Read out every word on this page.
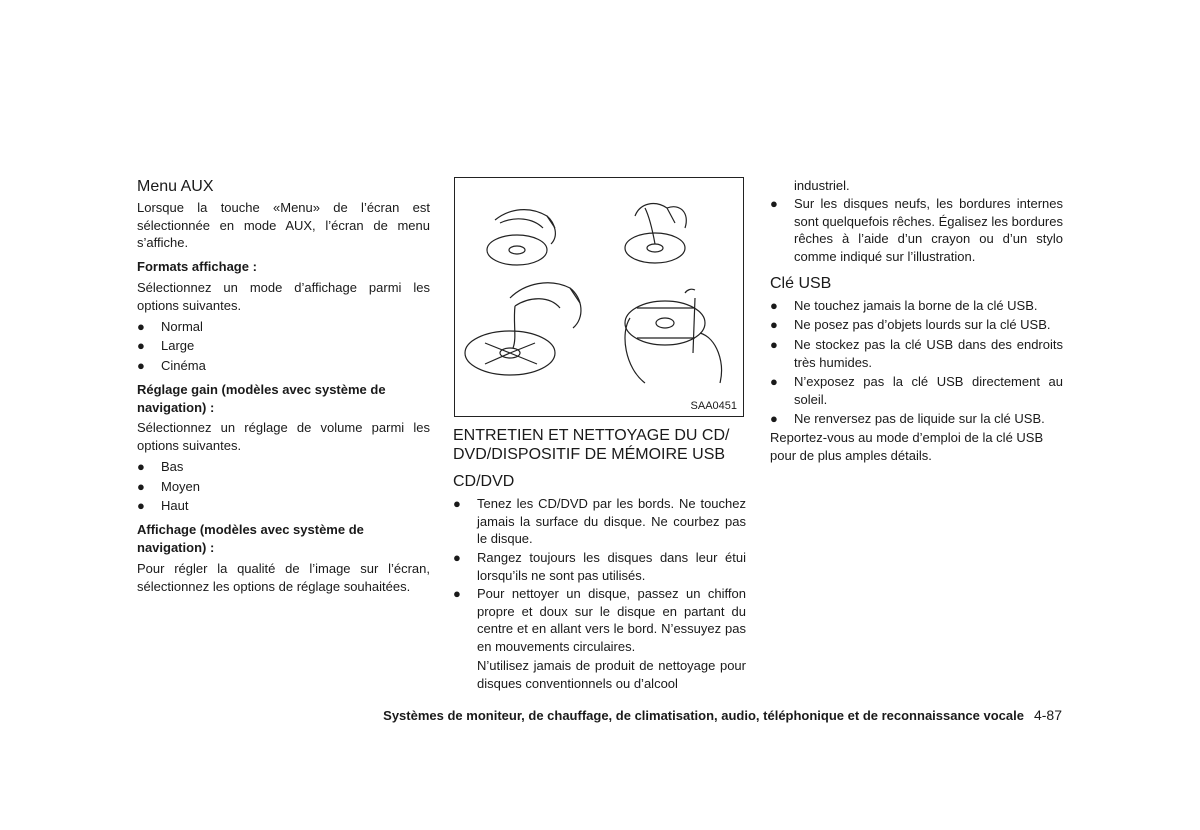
Menu AUX
Lorsque la touche «Menu» de l’écran est sélectionnée en mode AUX, l’écran de menu s’affiche.
Formats affichage :
Sélectionnez un mode d’affichage parmi les options suivantes.
● Normal
● Large
● Cinéma
Réglage gain (modèles avec système de navigation) :
Sélectionnez un réglage de volume parmi les options suivantes.
● Bas
● Moyen
● Haut
Affichage (modèles avec système de navigation) :
Pour régler la qualité de l’image sur l’écran, sélectionnez les options de réglage souhaitées.
SAA0451
ENTRETIEN ET NETTOYAGE DU CD/ DVD/DISPOSITIF DE MÉMOIRE USB
CD/DVD
● Tenez les CD/DVD par les bords. Ne touchez jamais la surface du disque. Ne courbez pas le disque.
● Rangez toujours les disques dans leur étui lorsqu’ils ne sont pas utilisés.
● Pour nettoyer un disque, passez un chiffon propre et doux sur le disque en partant du centre et en allant vers le bord. N’essuyez pas en mouvements circulaires.
N’utilisez jamais de produit de nettoyage pour disques conventionnels ou d’alcool
industriel.
● Sur les disques neufs, les bordures internes sont quelquefois rêches. Égalisez les bordures rêches à l’aide d’un crayon ou d’un stylo comme indiqué sur l’illustration.
Clé USB
● Ne touchez jamais la borne de la clé USB.
● Ne posez pas d’objets lourds sur la clé USB.
● Ne stockez pas la clé USB dans des endroits très humides.
● N’exposez pas la clé USB directement au soleil.
● Ne renversez pas de liquide sur la clé USB.
Reportez-vous au mode d’emploi de la clé USB pour de plus amples détails.
Systèmes de moniteur, de chauffage, de climatisation, audio, téléphonique et de reconnaissance vocale 4-87
